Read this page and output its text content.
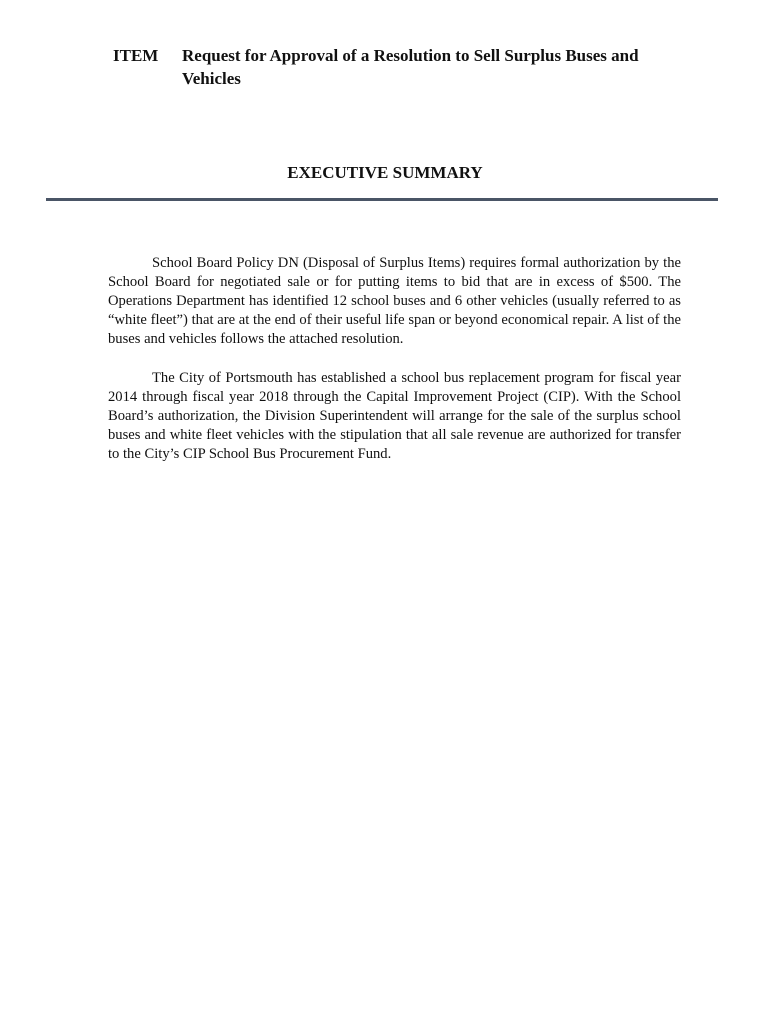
ITEM Request for Approval of a Resolution to Sell Surplus Buses and Vehicles
EXECUTIVE SUMMARY

School Board Policy DN (Disposal of Surplus Items) requires formal authorization by the School Board for negotiated sale or for putting items to bid that are in excess of $500. The Operations Department has identified 12 school buses and 6 other vehicles (usually referred to as “white fleet”) that are at the end of their useful life span or beyond economical repair. A list of the buses and vehicles follows the attached resolution.

The City of Portsmouth has established a school bus replacement program for fiscal year 2014 through fiscal year 2018 through the Capital Improvement Project (CIP). With the School Board’s authorization, the Division Superintendent will arrange for the sale of the surplus school buses and white fleet vehicles with the stipulation that all sale revenue are authorized for transfer to the City’s CIP School Bus Procurement Fund.
